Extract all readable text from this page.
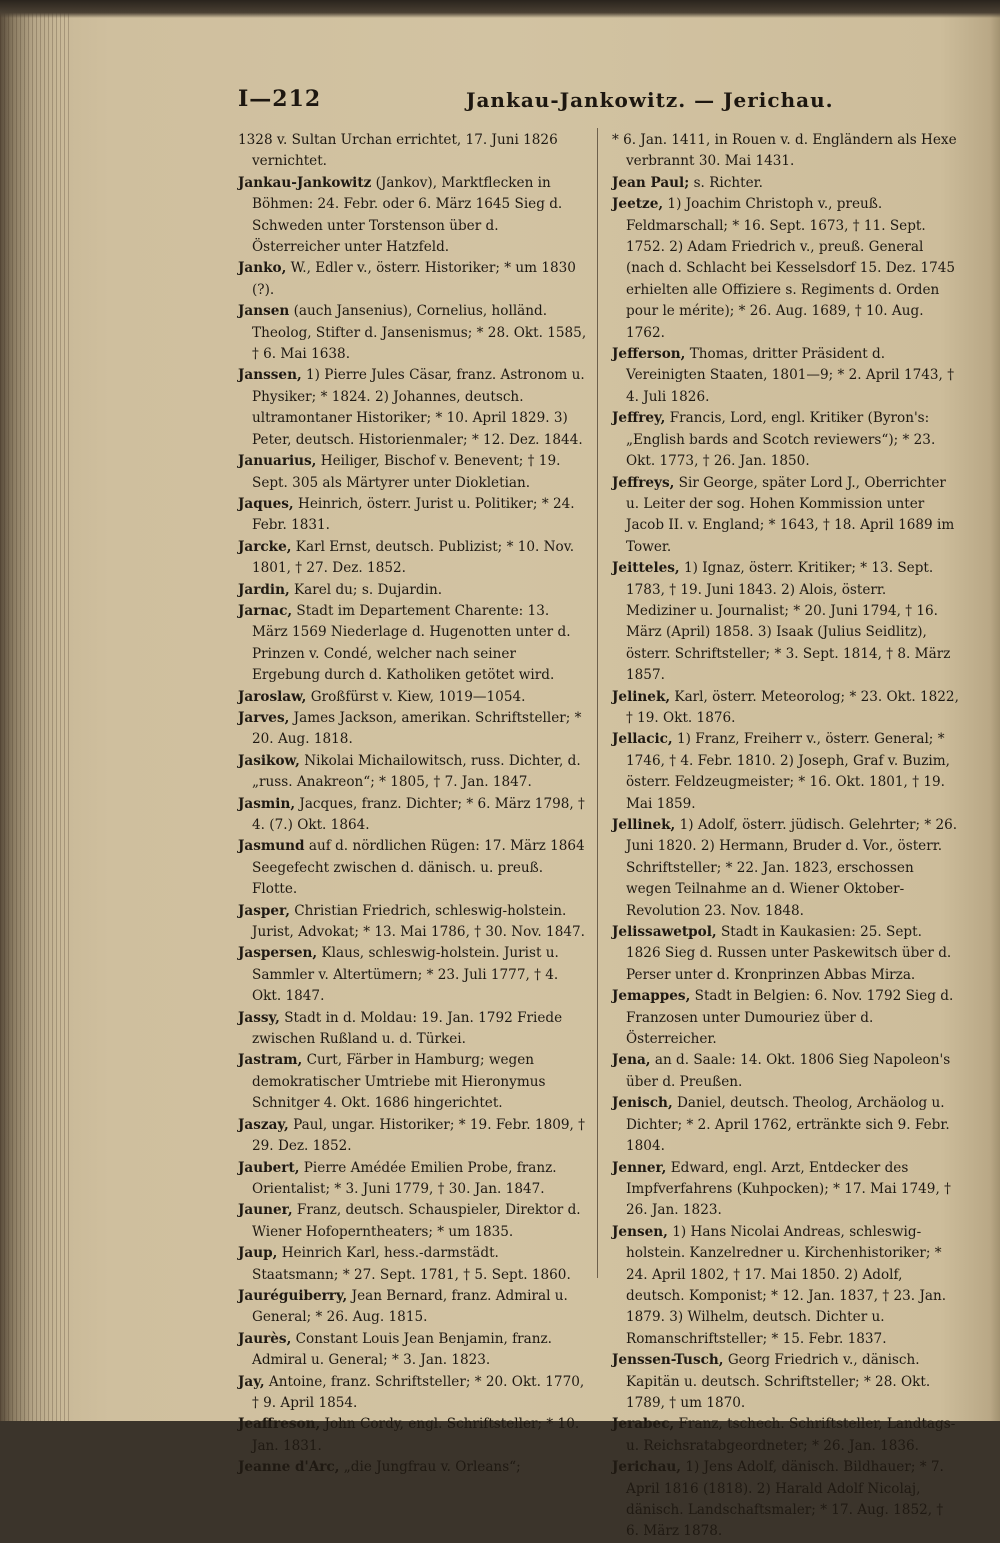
I—212	Jankau-Jankowitz. — Jerichau.
1328 v. Sultan Urchan errichtet, 17. Juni 1826 vernichtet.
Jankau-Jankowitz (Jankov), Marktflecken in Böhmen: 24. Febr. oder 6. März 1645 Sieg d. Schweden unter Torstenson über d. Österreicher unter Hatzfeld.
Janko, W., Edler v., österr. Historiker; * um 1830 (?).
Jansen (auch Jansenius), Cornelius, holländ. Theolog, Stifter d. Jansenismus; * 28. Okt. 1585, † 6. Mai 1638.
Janssen, 1) Pierre Jules Cäsar, franz. Astronom u. Physiker; * 1824. 2) Johannes, deutsch. ultramontaner Historiker; * 10. April 1829. 3) Peter, deutsch. Historienmaler; * 12. Dez. 1844.
Januarius, Heiliger, Bischof v. Benevent; † 19. Sept. 305 als Märtyrer unter Diokletian.
Jaques, Heinrich, österr. Jurist u. Politiker; * 24. Febr. 1831.
Jarcke, Karl Ernst, deutsch. Publizist; * 10. Nov. 1801, † 27. Dez. 1852.
Jardin, Karel du; s. Dujardin.
Jarnac, Stadt im Departement Charente: 13. März 1569 Niederlage d. Hugenotten unter d. Prinzen v. Condé, welcher nach seiner Ergebung durch d. Katholiken getötet wird.
Jaroslaw, Großfürst v. Kiew, 1019—1054.
Jarves, James Jackson, amerikan. Schriftsteller; * 20. Aug. 1818.
Jasikow, Nikolai Michailowitsch, russ. Dichter, d. „russ. Anakreon“; * 1805, † 7. Jan. 1847.
Jasmin, Jacques, franz. Dichter; * 6. März 1798, † 4. (7.) Okt. 1864.
Jasmund auf d. nördlichen Rügen: 17. März 1864 Seegefecht zwischen d. dänisch. u. preuß. Flotte.
Jasper, Christian Friedrich, schleswig-holstein. Jurist, Advokat; * 13. Mai 1786, † 30. Nov. 1847.
Jaspersen, Klaus, schleswig-holstein. Jurist u. Sammler v. Altertümern; * 23. Juli 1777, † 4. Okt. 1847.
Jassy, Stadt in d. Moldau: 19. Jan. 1792 Friede zwischen Rußland u. d. Türkei.
Jastram, Curt, Färber in Hamburg; wegen demokratischer Umtriebe mit Hieronymus Schnitger 4. Okt. 1686 hingerichtet.
Jaszay, Paul, ungar. Historiker; * 19. Febr. 1809, † 29. Dez. 1852.
Jaubert, Pierre Amédée Emilien Probe, franz. Orientalist; * 3. Juni 1779, † 30. Jan. 1847.
Jauner, Franz, deutsch. Schauspieler, Direktor d. Wiener Hofoperntheaters; * um 1835.
Jaup, Heinrich Karl, hess.-darmstädt. Staatsmann; * 27. Sept. 1781, † 5. Sept. 1860.
Jauréguiberry, Jean Bernard, franz. Admiral u. General; * 26. Aug. 1815.
Jaurès, Constant Louis Jean Benjamin, franz. Admiral u. General; * 3. Jan. 1823.
Jay, Antoine, franz. Schriftsteller; * 20. Okt. 1770, † 9. April 1854.
Jeaffreson, John Cordy, engl. Schriftsteller; * 10. Jan. 1831.
Jeanne d'Arc, „die Jungfrau v. Orleans“;
* 6. Jan. 1411, in Rouen v. d. Engländern als Hexe verbrannt 30. Mai 1431.
Jean Paul; s. Richter.
Jeetze, 1) Joachim Christoph v., preuß. Feldmarschall; * 16. Sept. 1673, † 11. Sept. 1752. 2) Adam Friedrich v., preuß. General (nach d. Schlacht bei Kesselsdorf 15. Dez. 1745 erhielten alle Offiziere s. Regiments d. Orden pour le mérite); * 26. Aug. 1689, † 10. Aug. 1762.
Jefferson, Thomas, dritter Präsident d. Vereinigten Staaten, 1801—9; * 2. April 1743, † 4. Juli 1826.
Jeffrey, Francis, Lord, engl. Kritiker (Byron's: „English bards and Scotch reviewers“); * 23. Okt. 1773, † 26. Jan. 1850.
Jeffreys, Sir George, später Lord J., Oberrichter u. Leiter der sog. Hohen Kommission unter Jacob II. v. England; * 1643, † 18. April 1689 im Tower.
Jeitteles, 1) Ignaz, österr. Kritiker; * 13. Sept. 1783, † 19. Juni 1843. 2) Alois, österr. Mediziner u. Journalist; * 20. Juni 1794, † 16. März (April) 1858. 3) Isaak (Julius Seidlitz), österr. Schriftsteller; * 3. Sept. 1814, † 8. März 1857.
Jelinek, Karl, österr. Meteorolog; * 23. Okt. 1822, † 19. Okt. 1876.
Jellacic, 1) Franz, Freiherr v., österr. General; * 1746, † 4. Febr. 1810. 2) Joseph, Graf v. Buzim, österr. Feldzeugmeister; * 16. Okt. 1801, † 19. Mai 1859.
Jellinek, 1) Adolf, österr. jüdisch. Gelehrter; * 26. Juni 1820. 2) Hermann, Bruder d. Vor., österr. Schriftsteller; * 22. Jan. 1823, erschossen wegen Teilnahme an d. Wiener Oktober-Revolution 23. Nov. 1848.
Jelissawetpol, Stadt in Kaukasien: 25. Sept. 1826 Sieg d. Russen unter Paskewitsch über d. Perser unter d. Kronprinzen Abbas Mirza.
Jemappes, Stadt in Belgien: 6. Nov. 1792 Sieg d. Franzosen unter Dumouriez über d. Österreicher.
Jena, an d. Saale: 14. Okt. 1806 Sieg Napoleon's über d. Preußen.
Jenisch, Daniel, deutsch. Theolog, Archäolog u. Dichter; * 2. April 1762, ertränkte sich 9. Febr. 1804.
Jenner, Edward, engl. Arzt, Entdecker des Impfverfahrens (Kuhpocken); * 17. Mai 1749, † 26. Jan. 1823.
Jensen, 1) Hans Nicolai Andreas, schleswig-holstein. Kanzelredner u. Kirchenhistoriker; * 24. April 1802, † 17. Mai 1850. 2) Adolf, deutsch. Komponist; * 12. Jan. 1837, † 23. Jan. 1879. 3) Wilhelm, deutsch. Dichter u. Romanschriftsteller; * 15. Febr. 1837.
Jenssen-Tusch, Georg Friedrich v., dänisch. Kapitän u. deutsch. Schriftsteller; * 28. Okt. 1789, † um 1870.
Jerabec, Franz, tschech. Schriftsteller, Landtags- u. Reichsratabgeordneter; * 26. Jan. 1836.
Jerichau, 1) Jens Adolf, dänisch. Bildhauer; * 7. April 1816 (1818). 2) Harald Adolf Nicolaj, dänisch. Landschaftsmaler; * 17. Aug. 1852, † 6. März 1878.
